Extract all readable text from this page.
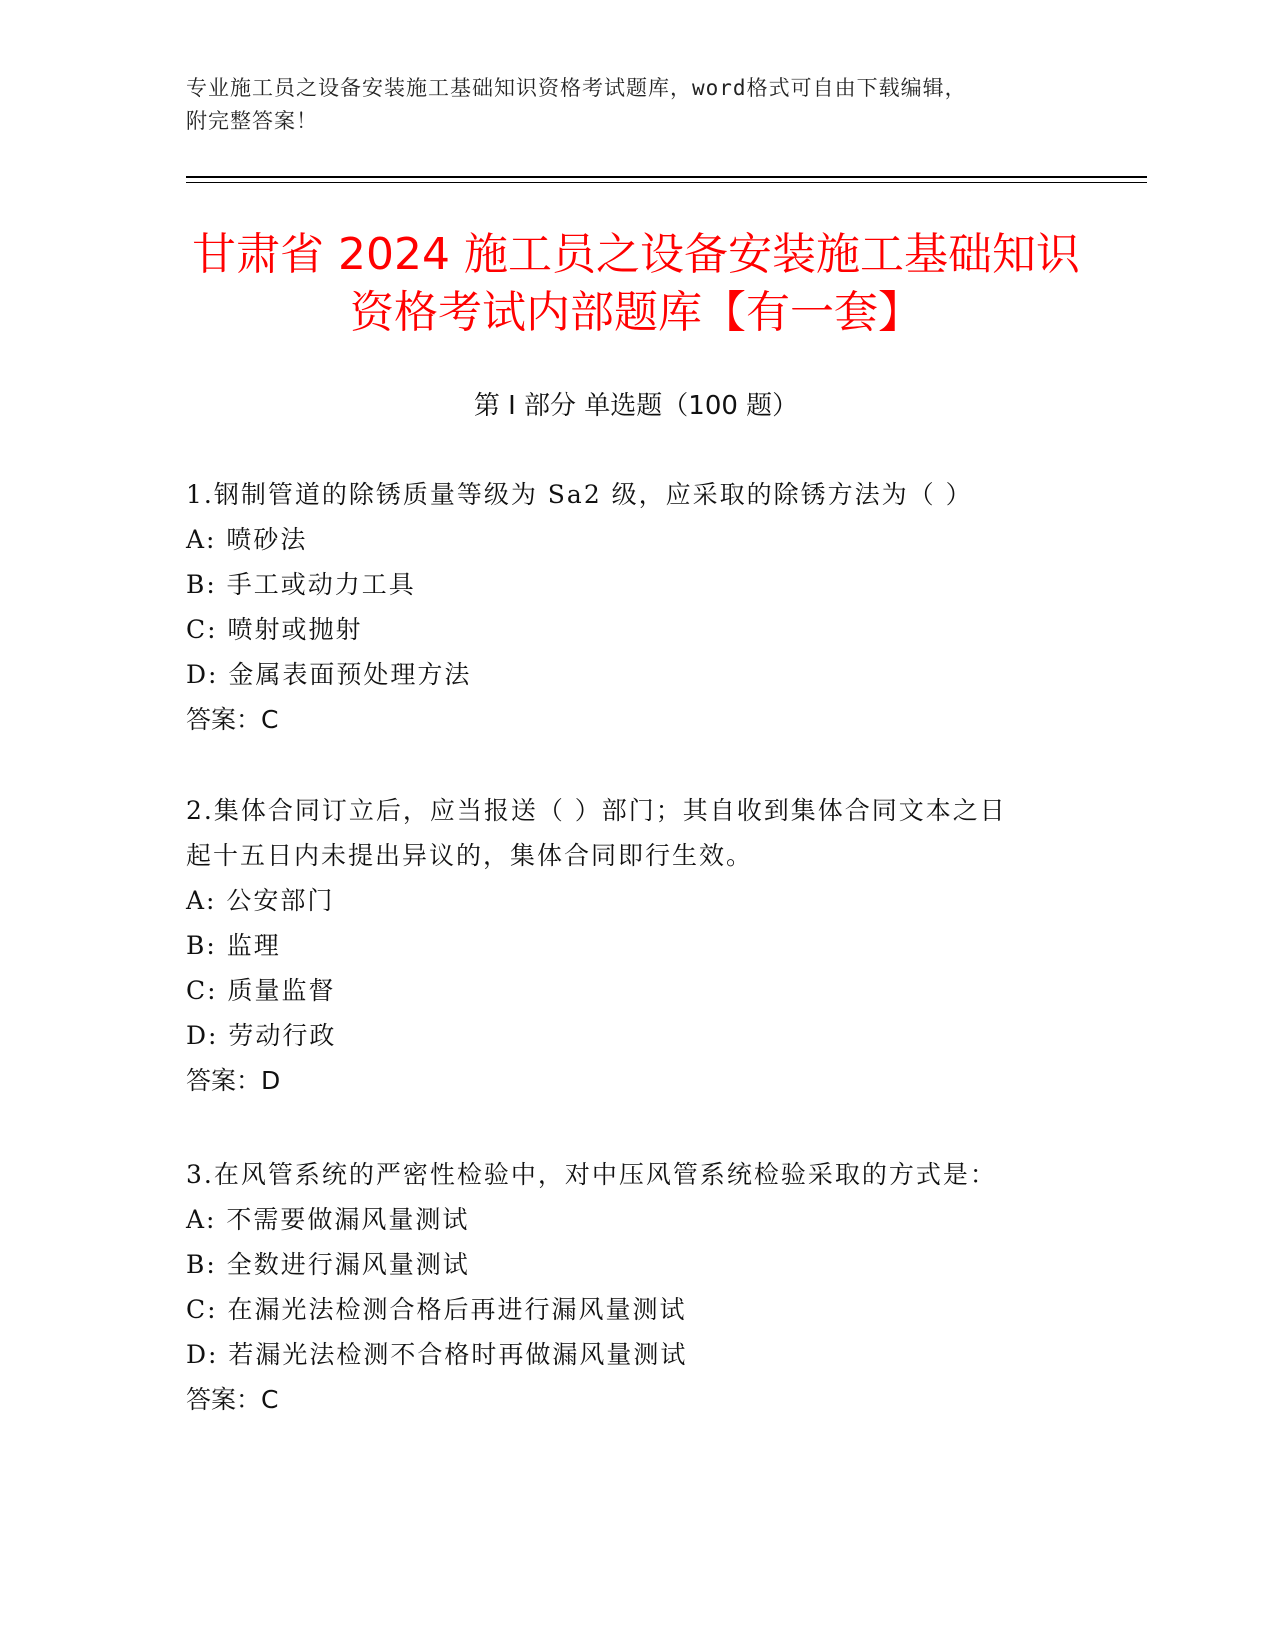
专业施工员之设备安装施工基础知识资格考试题库，word格式可自由下载编辑，
附完整答案！
甘肃省 2024 施工员之设备安装施工基础知识
资格考试内部题库【有一套】
第 I 部分 单选题（100 题）

1.钢制管道的除锈质量等级为 Sa2 级，应采取的除锈方法为（ ）

A: 喷砂法

B: 手工或动力工具

C: 喷射或抛射

D: 金属表面预处理方法

答案：C

2.集体合同订立后，应当报送（ ）部门；其自收到集体合同文本之日

起十五日内未提出异议的，集体合同即行生效。

A: 公安部门

B: 监理

C: 质量监督

D: 劳动行政

答案：D

3.在风管系统的严密性检验中，对中压风管系统检验采取的方式是：

A: 不需要做漏风量测试

B: 全数进行漏风量测试

C: 在漏光法检测合格后再进行漏风量测试

D: 若漏光法检测不合格时再做漏风量测试

答案：C
